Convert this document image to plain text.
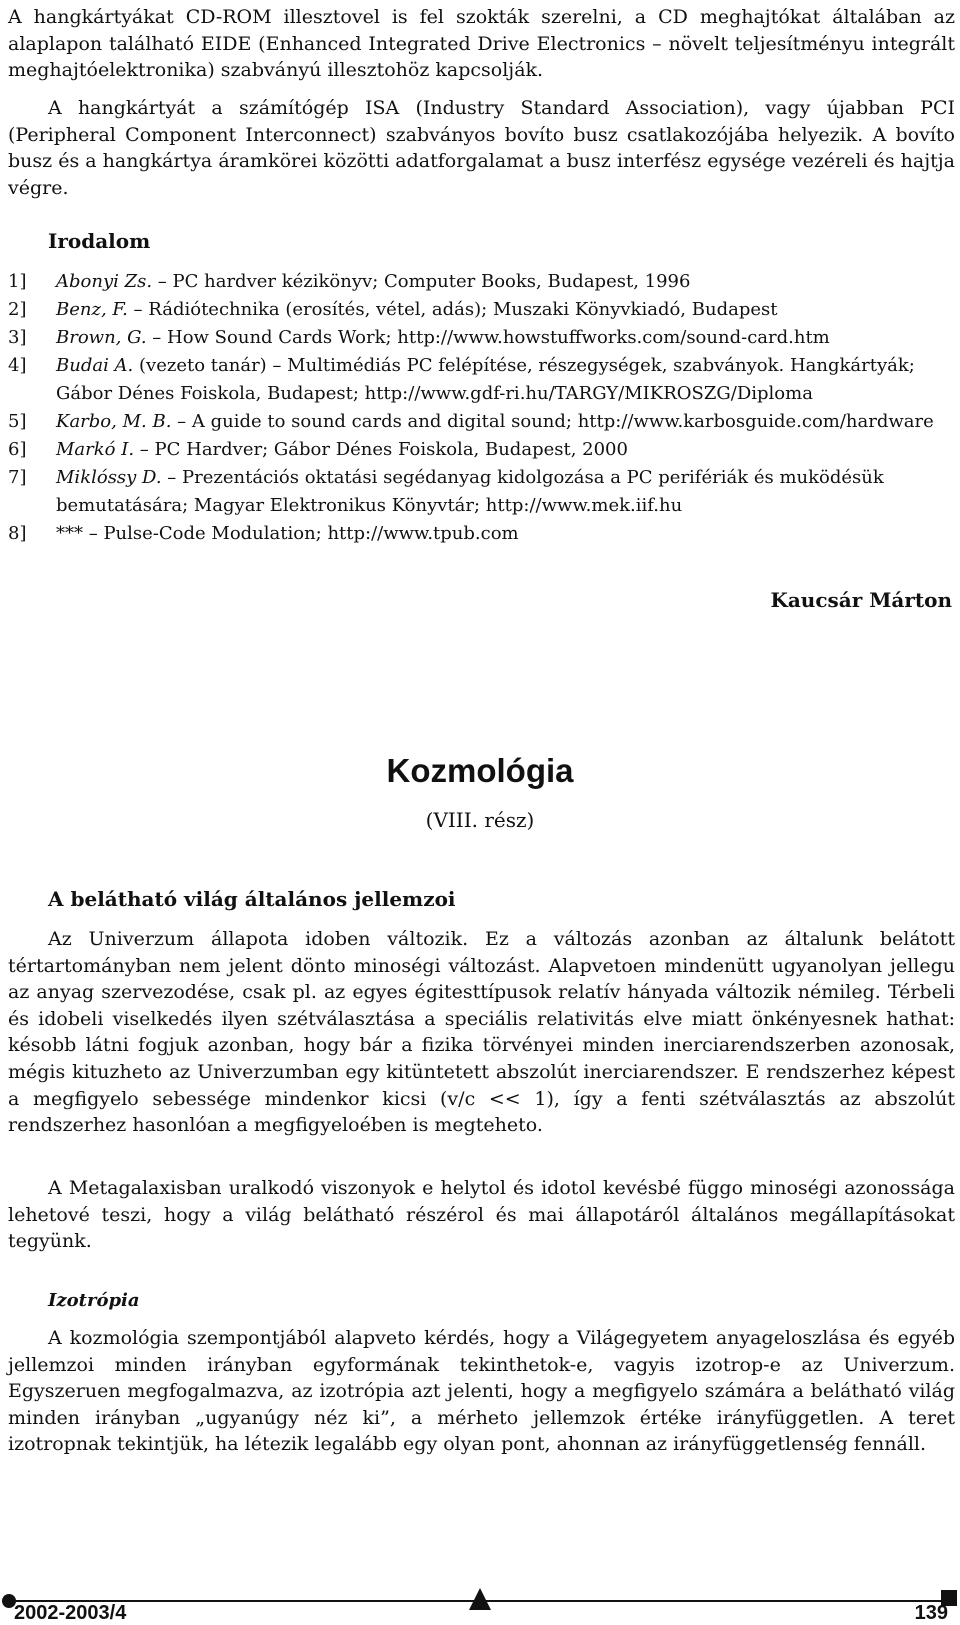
A hangkártyákat CD-ROM illesztovel is fel szokták szerelni, a CD meghajtókat általában az alaplapon található EIDE (Enhanced Integrated Drive Electronics – növelt teljesítményu integrált meghajtóelektronika) szabványú illesztohöz kapcsolják.

A hangkártyát a számítógép ISA (Industry Standard Association), vagy újabban PCI (Peripheral Component Interconnect) szabványos bovíto busz csatlakozójába helyezik. A bovíto busz és a hangkártya áramkörei közötti adatforgalamat a busz interfész egysége vezéreli és hajtja végre.

Irodalom
1]	Abonyi Zs. – PC hardver kézikönyv; Computer Books, Budapest, 1996
2]	Benz, F. – Rádiótechnika (erosítés, vétel, adás); Muszaki Könyvkiadó, Budapest
3]	Brown, G. – How Sound Cards Work; http://www.howstuffworks.com/sound-card.htm
4]	Budai A. (vezeto tanár) – Multimédiás PC felépítése, részegységek, szabványok. Hangkártyák; Gábor Dénes Foiskola, Budapest; http://www.gdf-ri.hu/TARGY/MIKROSZG/Diploma
5]	Karbo, M. B. – A guide to sound cards and digital sound; http://www.karbosguide.com/hardware
6]	Markó I. – PC Hardver; Gábor Dénes Foiskola, Budapest, 2000
7]	Miklóssy D. – Prezentációs oktatási segédanyag kidolgozása a PC perifériák és muködésük bemutatására; Magyar Elektronikus Könyvtár; http://www.mek.iif.hu
8]	*** – Pulse-Code Modulation; http://www.tpub.com

Kaucsár Márton

Kozmológia

(VIII. rész)

A belátható világ általános jellemzoi

Az Univerzum állapota idoben változik. Ez a változás azonban az általunk belátott tértartományban nem jelent dönto minoségi változást. Alapvetoen mindenütt ugyanolyan jellegu az anyag szervezodése, csak pl. az egyes égitesttípusok relatív hányada változik némileg. Térbeli és idobeli viselkedés ilyen szétválasztása a speciális relativitás elve miatt önkényesnek hathat: késobb látni fogjuk azonban, hogy bár a fizika törvényei minden inerciarendszerben azonosak, mégis kituzheto az Univerzumban egy kitüntetett abszolút inerciarendszer. E rendszerhez képest a megfigyelo sebessége mindenkor kicsi (v/c << 1), így a fenti szétválasztás az abszolút rendszerhez hasonlóan a megfigyeloében is megteheto.

A Metagalaxisban uralkodó viszonyok e helytol és idotol kevésbé függo minoségi azonossága lehetové teszi, hogy a világ belátható részérol és mai állapotáról általános megállapításokat tegyünk.

Izotrópia

A kozmológia szempontjából alapveto kérdés, hogy a Világegyetem anyageloszlása és egyéb jellemzoi minden irányban egyformának tekinthetok-e, vagyis izotrop-e az Univerzum. Egyszeruen megfogalmazva, az izotrópia azt jelenti, hogy a megfigyelo számára a belátható világ minden irányban „ugyanúgy néz ki”, a mérheto jellemzok értéke irányfüggetlen. A teret izotropnak tekintjük, ha létezik legalább egy olyan pont, ahonnan az irányfüggetlenség fennáll.

2002-2003/4	139
